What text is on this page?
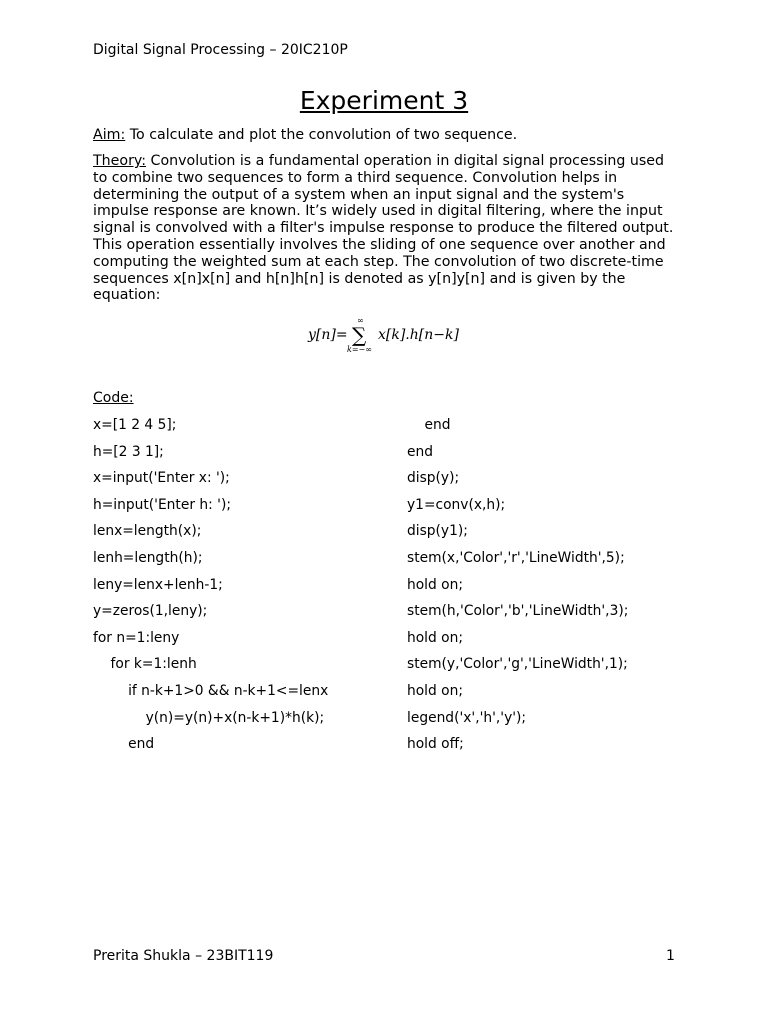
Digital Signal Processing – 20IC210P
Experiment 3
Aim: To calculate and plot the convolution of two sequence.
Theory: Convolution is a fundamental operation in digital signal processing used to combine two sequences to form a third sequence. Convolution helps in determining the output of a system when an input signal and the system's impulse response are known. It’s widely used in digital filtering, where the input signal is convolved with a filter's impulse response to produce the filtered output. This operation essentially involves the sliding of one sequence over another and computing the weighted sum at each step. The convolution of two discrete-time sequences x[n]x[n] and h[n]h[n] is denoted as y[n]y[n] and is given by the equation:
y[n]= ∑
∞
k=−∞
x[k].h[n−k]
Code:
x=[1 2 4 5];
h=[2 3 1];
x=input('Enter x: ');
h=input('Enter h: ');
lenx=length(x);
lenh=length(h);
leny=lenx+lenh-1;
y=zeros(1,leny);
for n=1:leny
for k=1:lenh
if n-k+1>0 && n-k+1<=lenx
y(n)=y(n)+x(n-k+1)*h(k);
end
end
end
disp(y);
y1=conv(x,h);
disp(y1);
stem(x,'Color','r','LineWidth',5);
hold on;
stem(h,'Color','b','LineWidth',3);
hold on;
stem(y,'Color','g','LineWidth',1);
hold on;
legend('x','h','y');
hold off;
Prerita Shukla – 23BIT119	1
